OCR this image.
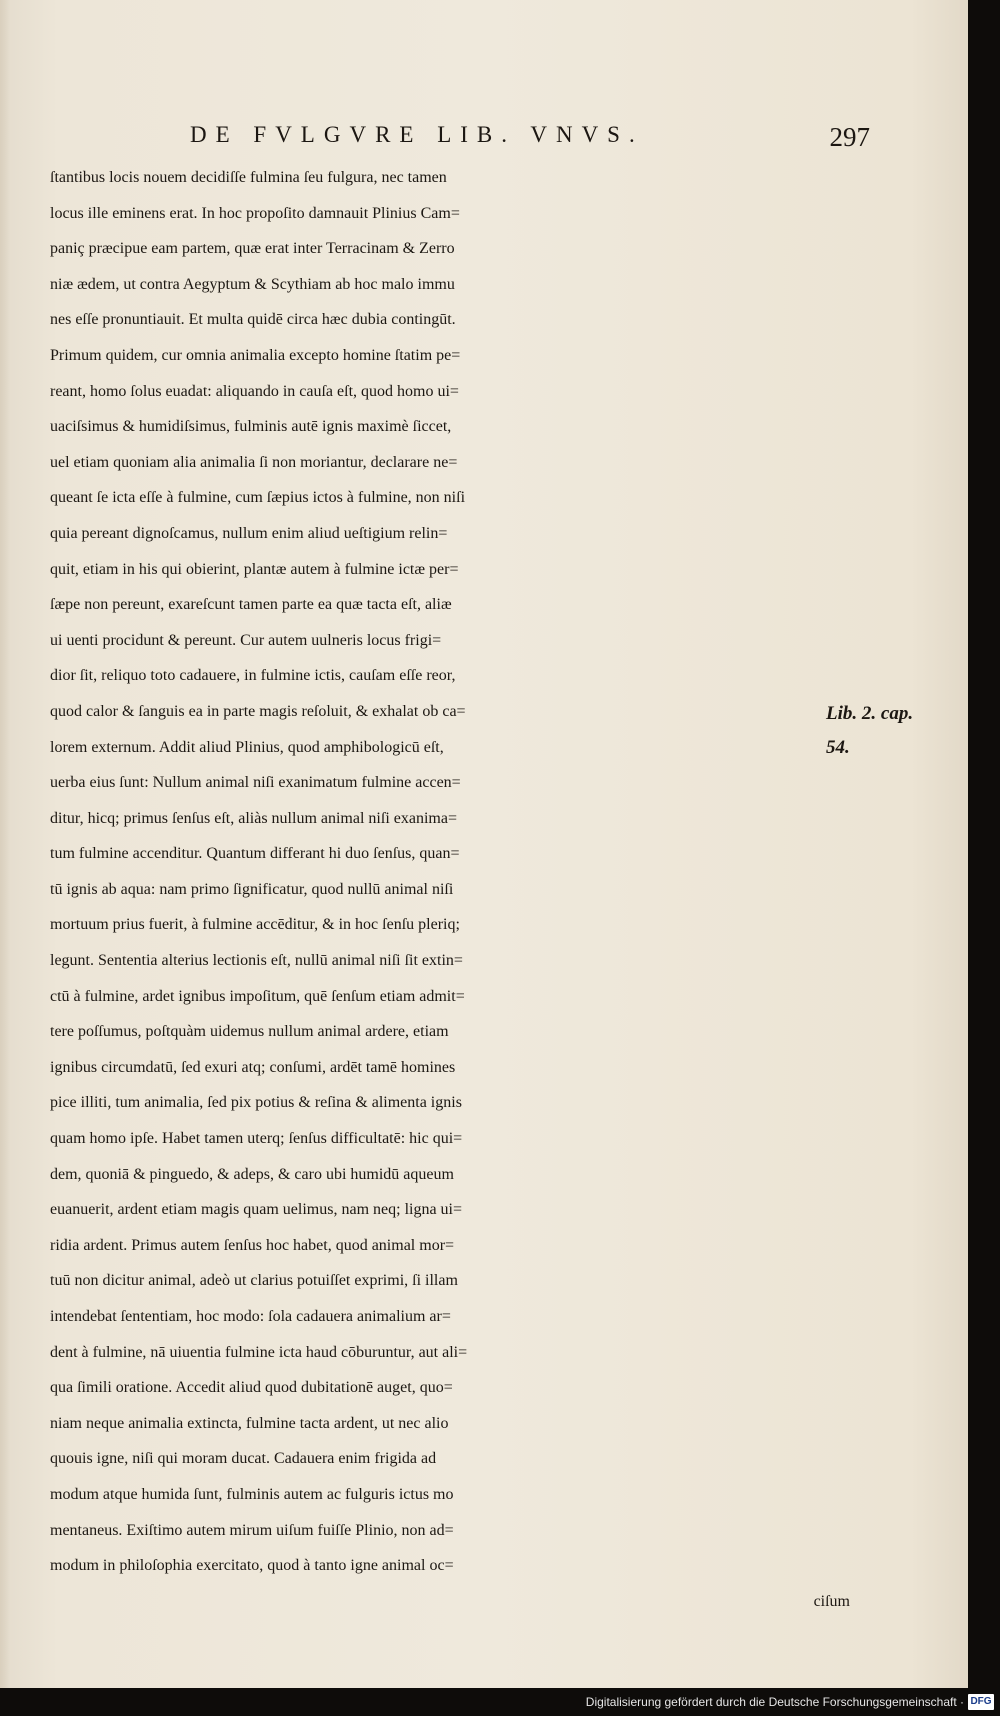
DE FVLGVRE LIB. VNVS.	297
ſtantibus locis nouem decidiſſe fulmina ſeu fulgura, nec tamen
locus ille eminens erat. In hoc propoſito damnauit Plinius Cam=
paniç præcipue eam partem, quæ erat inter Terracinam & Zerro
niæ ædem, ut contra Aegyptum & Scythiam ab hoc malo immu
nes eſſe pronuntiauit. Et multa quidē circa hæc dubia contingūt.
Primum quidem, cur omnia animalia excepto homine ſtatim pe=
reant, homo ſolus euadat: aliquando in cauſa eſt, quod homo ui=
uaciſsimus & humidiſsimus, fulminis autē ignis maximè ſiccet,
uel etiam quoniam alia animalia ſi non moriantur, declarare ne=
queant ſe icta eſſe à fulmine, cum ſæpius ictos à fulmine, non niſi
quia pereant dignoſcamus, nullum enim aliud ueſtigium relin=
quit, etiam in his qui obierint, plantæ autem à fulmine ictæ per=
ſæpe non pereunt, exareſcunt tamen parte ea quæ tacta eſt, aliæ
ui uenti procidunt & pereunt. Cur autem uulneris locus frigi=
dior ſit, reliquo toto cadauere, in fulmine ictis, cauſam eſſe reor,
quod calor & ſanguis ea in parte magis reſoluit, & exhalat ob ca=
lorem externum. Addit aliud Plinius, quod amphibologicū eſt,
uerba eius ſunt: Nullum animal niſi exanimatum fulmine accen=
ditur, hicq; primus ſenſus eſt, aliàs nullum animal niſi exanima=
tum fulmine accenditur. Quantum differant hi duo ſenſus, quan=
tū ignis ab aqua: nam primo ſignificatur, quod nullū animal niſi
mortuum prius fuerit, à fulmine accēditur, & in hoc ſenſu pleriq;
legunt. Sententia alterius lectionis eſt, nullū animal niſi ſit extin=
ctū à fulmine, ardet ignibus impoſitum, quē ſenſum etiam admit=
tere poſſumus, poſtquàm uidemus nullum animal ardere, etiam
ignibus circumdatū, ſed exuri atq; conſumi, ardēt tamē homines
pice illiti, tum animalia, ſed pix potius & reſina & alimenta ignis
quam homo ipſe. Habet tamen uterq; ſenſus difficultatē: hic qui=
dem, quoniā & pinguedo, & adeps, & caro ubi humidū aqueum
euanuerit, ardent etiam magis quam uelimus, nam neq; ligna ui=
ridia ardent. Primus autem ſenſus hoc habet, quod animal mor=
tuū non dicitur animal, adeò ut clarius potuiſſet exprimi, ſi illam
intendebat ſententiam, hoc modo: ſola cadauera animalium ar=
dent à fulmine, nā uiuentia fulmine icta haud cōburuntur, aut ali=
qua ſimili oratione. Accedit aliud quod dubitationē auget, quo=
niam neque animalia extincta, fulmine tacta ardent, ut nec alio
quouis igne, niſi qui moram ducat. Cadauera enim frigida ad
modum atque humida ſunt, fulminis autem ac fulguris ictus mo
mentaneus. Exiſtimo autem mirum uiſum fuiſſe Plinio, non ad=
modum in philoſophia exercitato, quod à tanto igne animal oc=
ciſum
Lib. 2. cap.
54.
Digitalisierung gefördert durch die Deutsche Forschungsgemeinschaft · DFG
